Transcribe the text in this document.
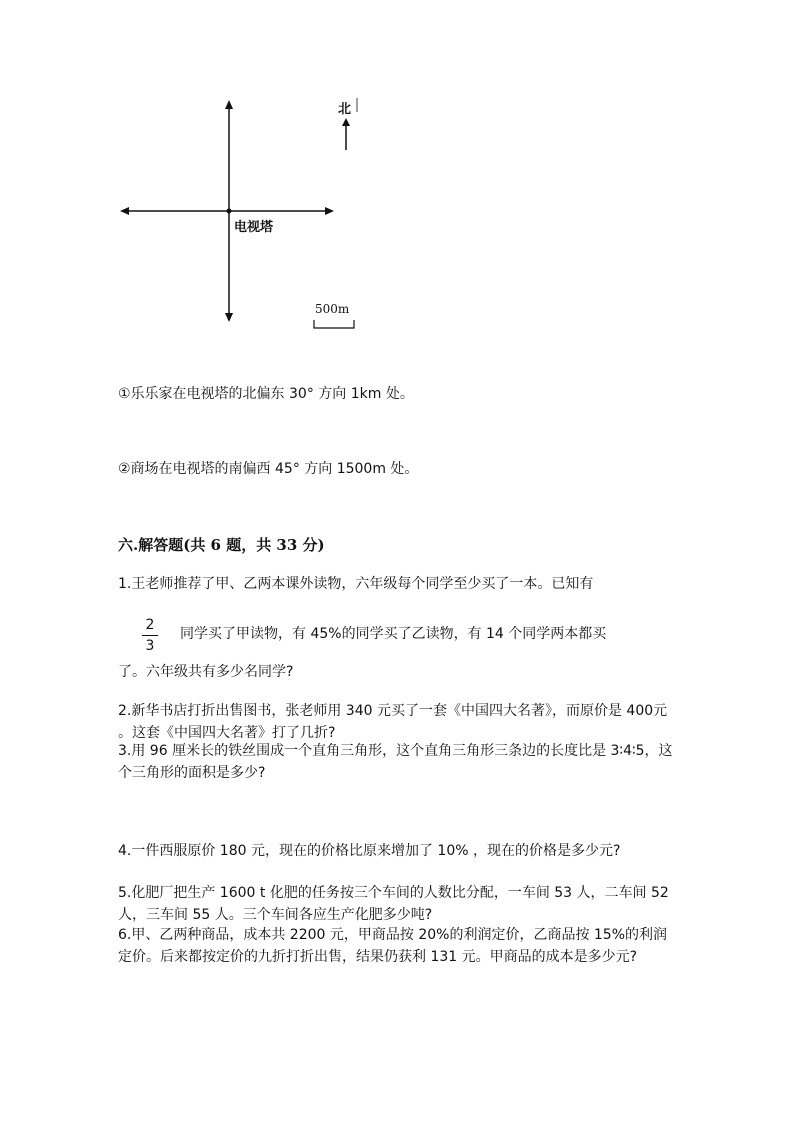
北
电视塔
500m
①乐乐家在电视塔的北偏东 30° 方向 1km 处。
②商场在电视塔的南偏西 45° 方向 1500m 处。
六.解答题(共 6 题，共 33 分)
1.王老师推荐了甲、乙两本课外读物，六年级每个同学至少买了一本。已知有
2
3
同学买了甲读物，有 45%的同学买了乙读物，有 14 个同学两本都买
了。六年级共有多少名同学?
2.新华书店打折出售图书，张老师用 340 元买了一套《中国四大名著》，而原价是 400元 。这套《中国四大名著》打了几折?
3.用 96 厘米长的铁丝围成一个直角三角形，这个直角三角形三条边的长度比是 3∶4∶5，这个三角形的面积是多少?
4.一件西服原价 180 元，现在的价格比原来增加了 10% ，现在的价格是多少元?
5.化肥厂把生产 1600 t 化肥的任务按三个车间的人数比分配，一车间 53 人，二车间 52 人，三车间 55 人。三个车间各应生产化肥多少吨?
6.甲、乙两种商品，成本共 2200 元，甲商品按 20%的利润定价，乙商品按 15%的利润定价。后来都按定价的九折打折出售，结果仍获利 131 元。甲商品的成本是多少元?
